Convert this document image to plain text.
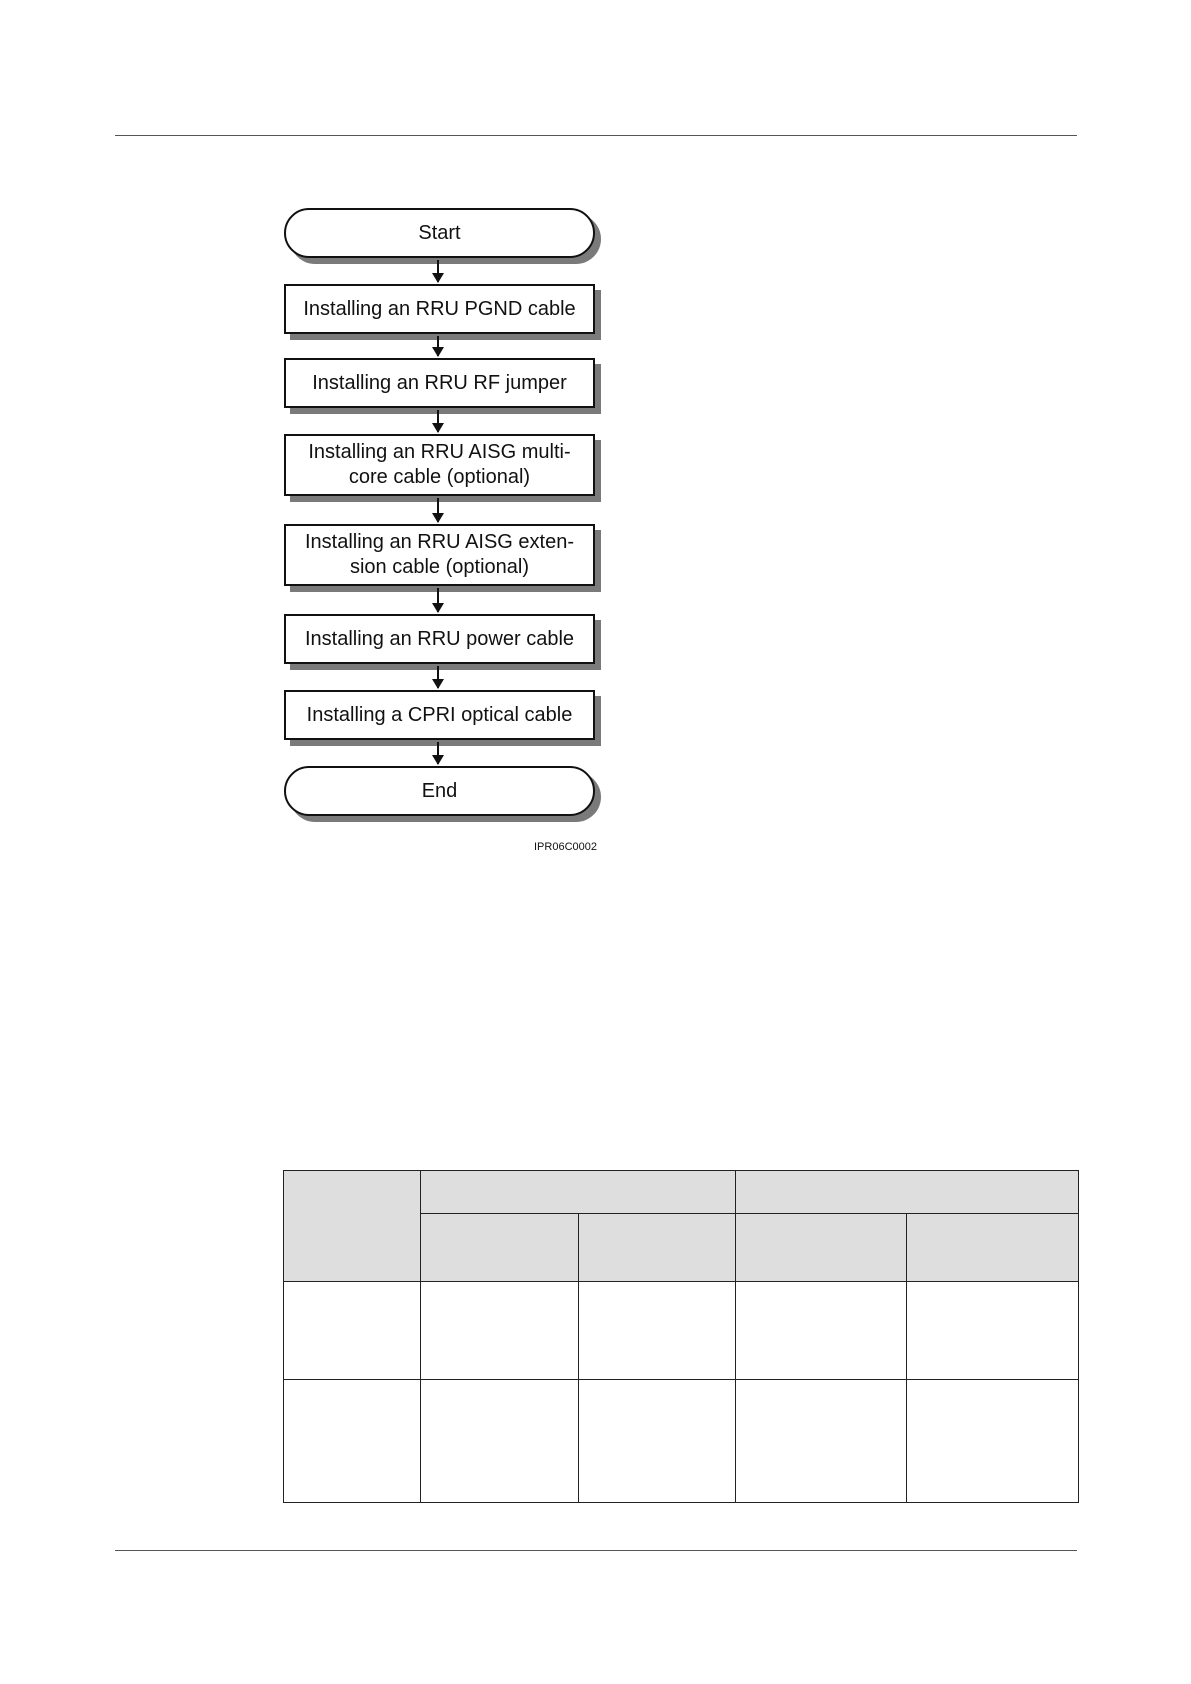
Start
Installing an RRU PGND cable
Installing an RRU RF jumper
Installing an RRU AISG multi-
core cable (optional)
Installing an RRU AISG exten-
sion cable (optional)
Installing an RRU power cable
Installing a CPRI optical cable
End
IPR06C0002
